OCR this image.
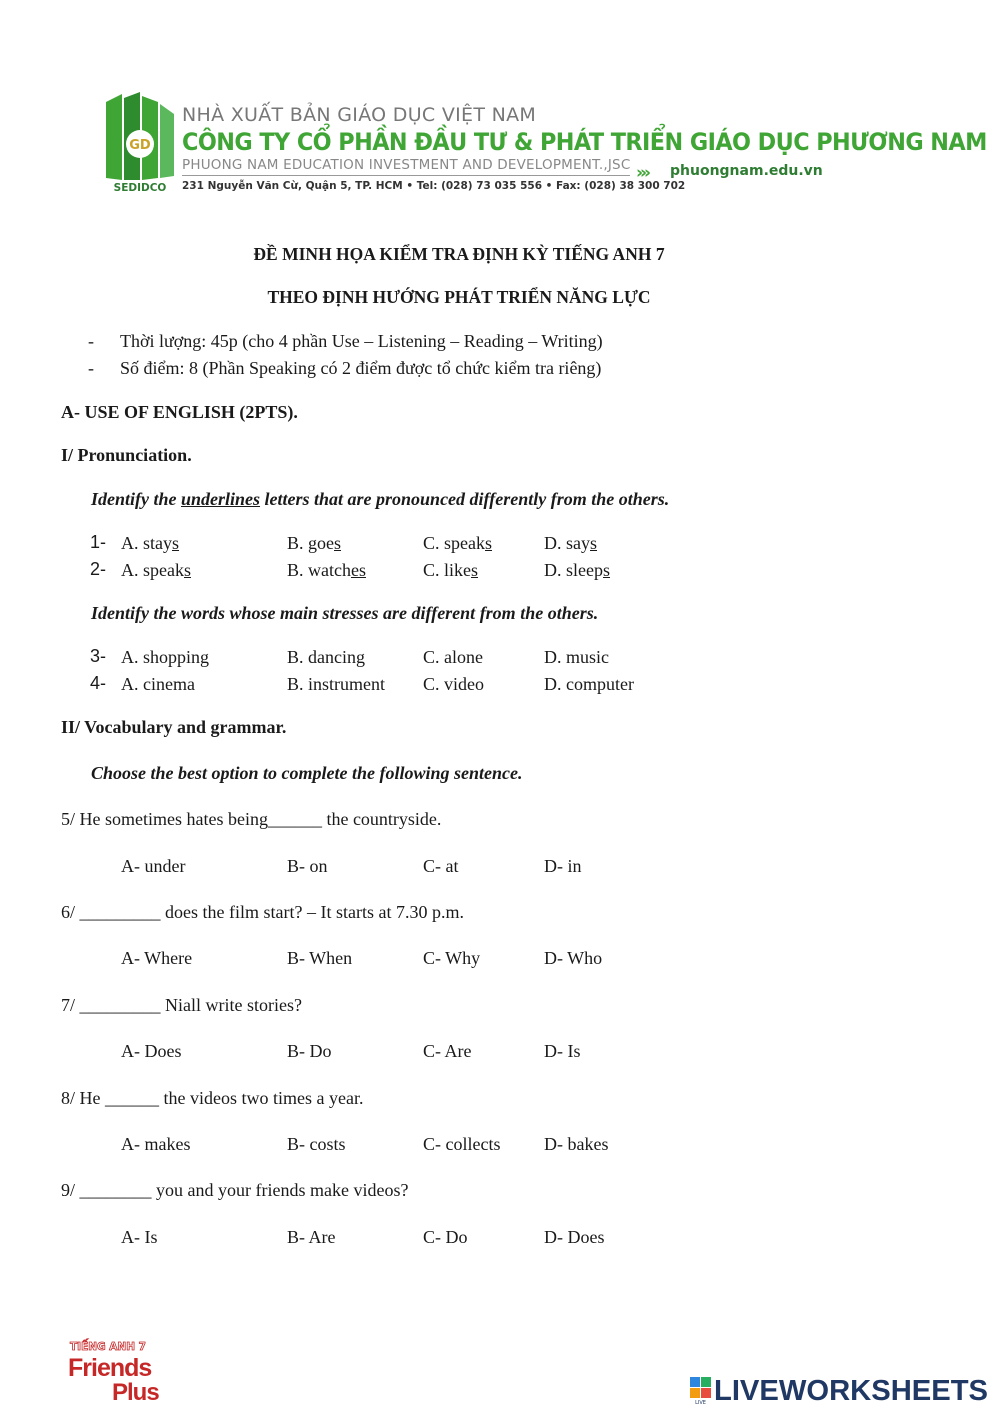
GD
SEDIDCO
NHÀ XUẤT BẢN GIÁO DỤC VIỆT NAM
CÔNG TY CỔ PHẦN ĐẦU TƯ & PHÁT TRIỂN GIÁO DỤC PHƯƠNG NAM
PHUONG NAM EDUCATION INVESTMENT AND DEVELOPMENT.,JSC
231 Nguyễn Văn Cừ, Quận 5, TP. HCM • Tel: (028) 73 035 556 • Fax: (028) 38 300 702
››› phuongnam.edu.vn
ĐỀ MINH HỌA KIỂM TRA ĐỊNH KỲ TIẾNG ANH 7
THEO ĐỊNH HƯỚNG PHÁT TRIỂN NĂNG LỰC
- Thời lượng: 45p (cho 4 phần Use – Listening – Reading – Writing)
- Số điểm: 8 (Phần Speaking có 2 điểm được tổ chức kiểm tra riêng)
A- USE OF ENGLISH (2PTS).
I/ Pronunciation.
Identify the underlines letters that are pronounced differently from the others.
1- A. stays	B. goes	C. speaks	D. says
2- A. speaks	B. watches	C. likes	D. sleeps
Identify the words whose main stresses are different from the others.
3- A. shopping	B. dancing	C. alone	D. music
4- A. cinema	B. instrument C. video	D. computer
II/ Vocabulary and grammar.
Choose the best option to complete the following sentence.
5/ He sometimes hates being______ the countryside.
A- under	B- on	C- at	D- in
6/ _________ does the film start? – It starts at 7.30 p.m.
A- Where	B- When	C- Why	D- Who
7/ _________ Niall write stories?
A- Does	B- Do	C- Are	D- Is
8/ He ______ the videos two times a year.
A- makes	B- costs	C- collects D- bakes
9/ ________ you and your friends make videos?
A- Is	B- Are	C- Do	D- Does
TIẾNG ANH 7
Friends
Plus	LIVE LIVEWORKSHEETS
